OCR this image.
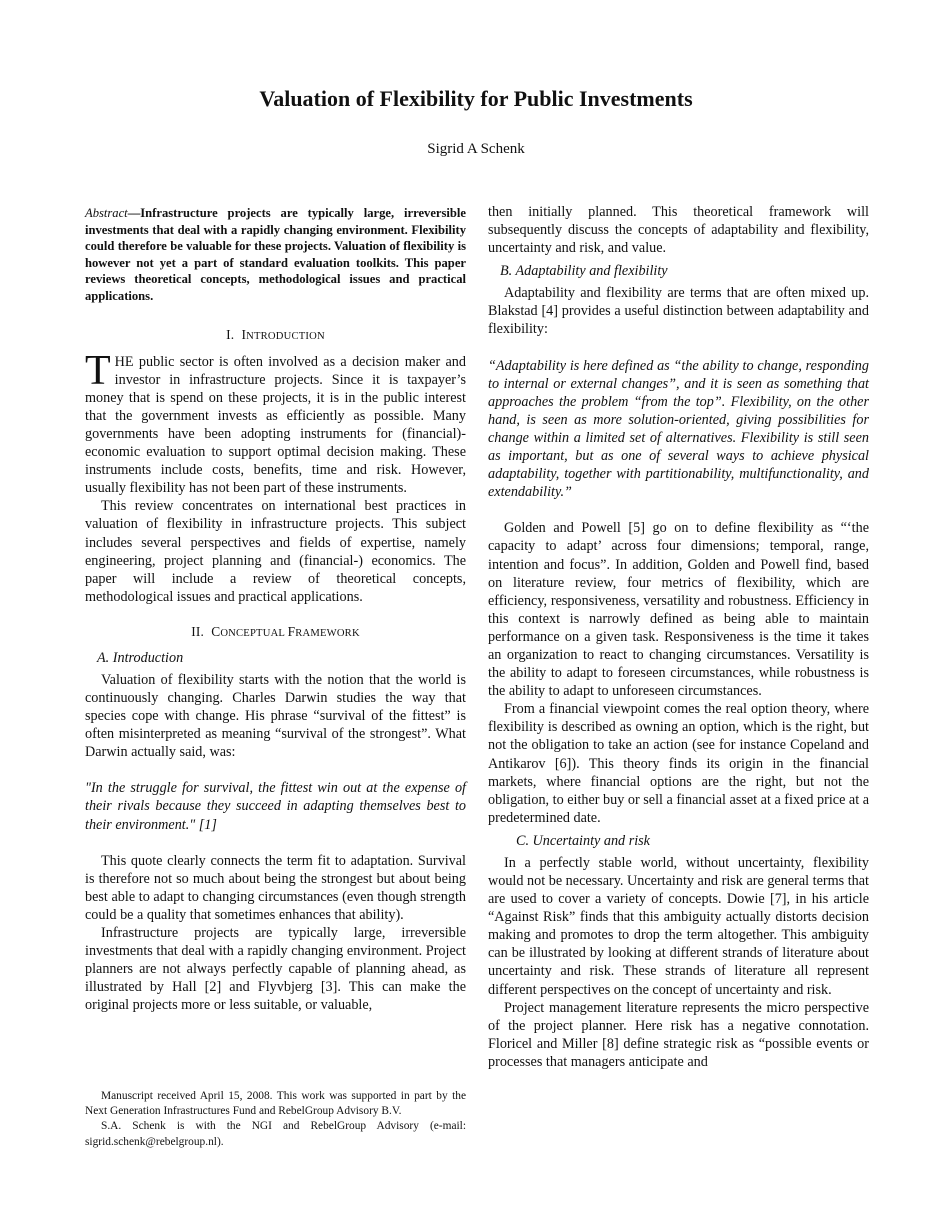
Valuation of Flexibility for Public Investments
Sigrid A Schenk

Abstract—Infrastructure projects are typically large, irreversible investments that deal with a rapidly changing environment. Flexibility could therefore be valuable for these projects. Valuation of flexibility is however not yet a part of standard evaluation toolkits. This paper reviews theoretical concepts, methodological issues and practical applications.

I. INTRODUCTION

THE public sector is often involved as a decision maker and investor in infrastructure projects. Since it is taxpayer’s money that is spend on these projects, it is in the public interest that the government invests as efficiently as possible. Many governments have been adopting instruments for (financial)-economic evaluation to support optimal decision making. These instruments include costs, benefits, time and risk. However, usually flexibility has not been part of these instruments.

This review concentrates on international best practices in valuation of flexibility in infrastructure projects. This subject includes several perspectives and fields of expertise, namely engineering, project planning and (financial-) economics. The paper will include a review of theoretical concepts, methodological issues and practical applications.

II. CONCEPTUAL FRAMEWORK
A. Introduction

Valuation of flexibility starts with the notion that the world is continuously changing. Charles Darwin studies the way that species cope with change. His phrase “survival of the fittest” is often misinterpreted as meaning “survival of the strongest”. What Darwin actually said, was:

"In the struggle for survival, the fittest win out at the expense of their rivals because they succeed in adapting themselves best to their environment." [1]

This quote clearly connects the term fit to adaptation. Survival is therefore not so much about being the strongest but about being best able to adapt to changing circumstances (even though strength could be a quality that sometimes enhances that ability).

Infrastructure projects are typically large, irreversible investments that deal with a rapidly changing environment. Project planners are not always perfectly capable of planning ahead, as illustrated by Hall [2] and Flyvbjerg [3]. This can make the original projects more or less suitable, or valuable,

Manuscript received April 15, 2008. This work was supported in part by the Next Generation Infrastructures Fund and RebelGroup Advisory B.V.

S.A. Schenk is with the NGI and RebelGroup Advisory (e-mail: sigrid.schenk@rebelgroup.nl).

then initially planned. This theoretical framework will subsequently discuss the concepts of adaptability and flexibility, uncertainty and risk, and value.

B. Adaptability and flexibility

Adaptability and flexibility are terms that are often mixed up. Blakstad [4] provides a useful distinction between adaptability and flexibility:

“Adaptability is here defined as “the ability to change, responding to internal or external changes”, and it is seen as something that approaches the problem “from the top”. Flexibility, on the other hand, is seen as more solution-oriented, giving possibilities for change within a limited set of alternatives. Flexibility is still seen as important, but as one of several ways to achieve physical adaptability, together with partitionability, multifunctionality, and extendability.”

Golden and Powell [5] go on to define flexibility as “‘the capacity to adapt’ across four dimensions; temporal, range, intention and focus”. In addition, Golden and Powell find, based on literature review, four metrics of flexibility, which are efficiency, responsiveness, versatility and robustness. Efficiency in this context is narrowly defined as being able to maintain performance on a given task. Responsiveness is the time it takes an organization to react to changing circumstances. Versatility is the ability to adapt to foreseen circumstances, while robustness is the ability to adapt to unforeseen circumstances.

From a financial viewpoint comes the real option theory, where flexibility is described as owning an option, which is the right, but not the obligation to take an action (see for instance Copeland and Antikarov [6]). This theory finds its origin in the financial markets, where financial options are the right, but not the obligation, to either buy or sell a financial asset at a fixed price at a predetermined date.

C. Uncertainty and risk

In a perfectly stable world, without uncertainty, flexibility would not be necessary. Uncertainty and risk are general terms that are used to cover a variety of concepts. Dowie [7], in his article “Against Risk” finds that this ambiguity actually distorts decision making and promotes to drop the term altogether. This ambiguity can be illustrated by looking at different strands of literature about uncertainty and risk. These strands of literature all represent different perspectives on the concept of uncertainty and risk.

Project management literature represents the micro perspective of the project planner. Here risk has a negative connotation. Floricel and Miller [8] define strategic risk as “possible events or processes that managers anticipate and
